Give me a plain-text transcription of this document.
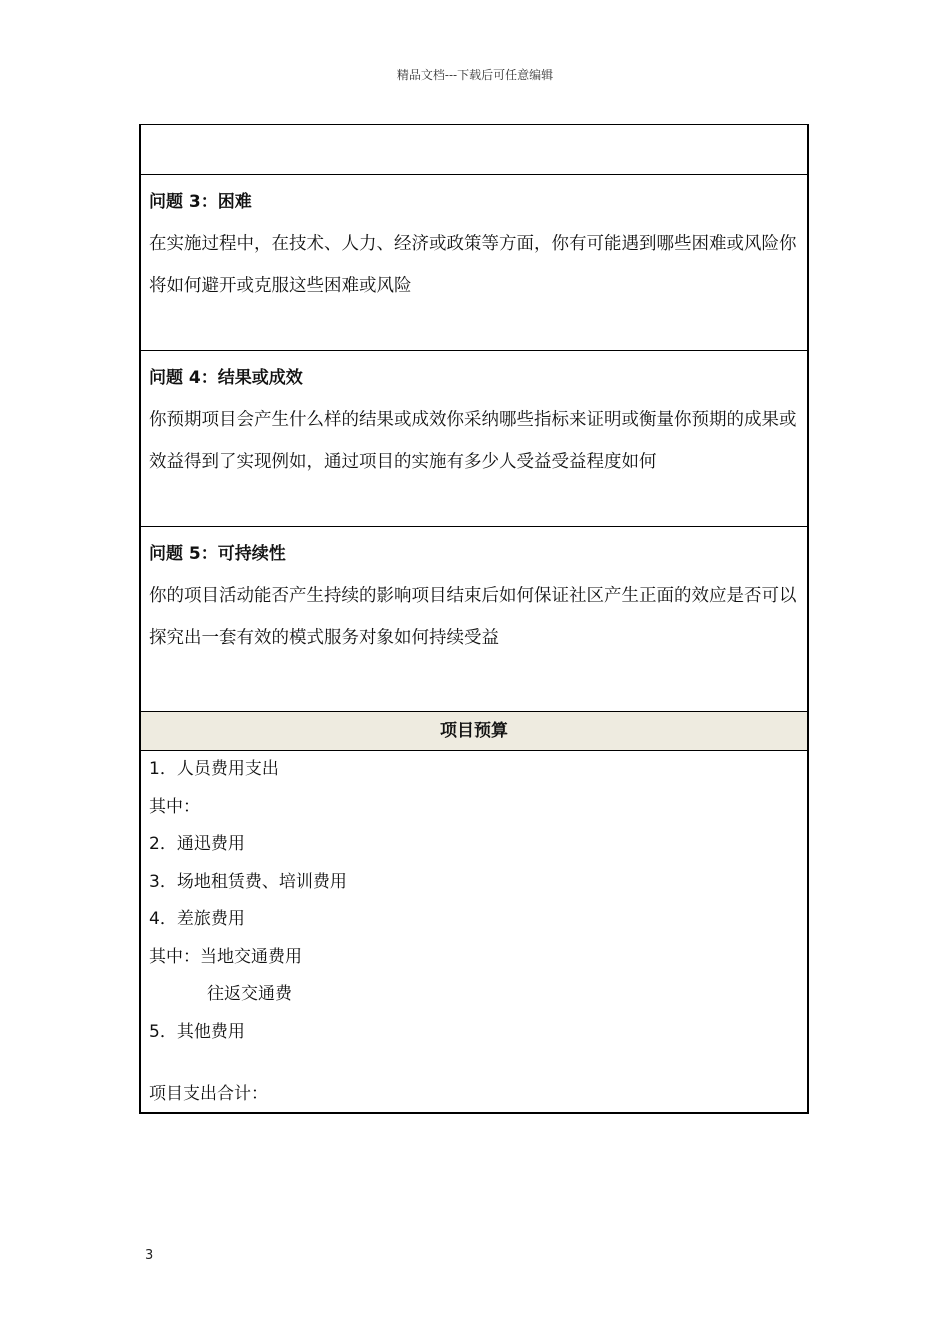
精品文档---下载后可任意编辑
问题 3：困难
在实施过程中，在技术、人力、经济或政策等方面，你有可能遇到哪些困难或风险你将如何避开或克服这些困难或风险
问题 4：结果或成效
你预期项目会产生什么样的结果或成效你采纳哪些指标来证明或衡量你预期的成果或效益得到了实现例如，通过项目的实施有多少人受益受益程度如何
问题 5：可持续性
你的项目活动能否产生持续的影响项目结束后如何保证社区产生正面的效应是否可以探究出一套有效的模式服务对象如何持续受益
项目预算
1．人员费用支出
其中：
2．通迅费用
3．场地租赁费、培训费用
4．差旅费用
其中：当地交通费用
往返交通费
5．其他费用
项目支出合计：
3
